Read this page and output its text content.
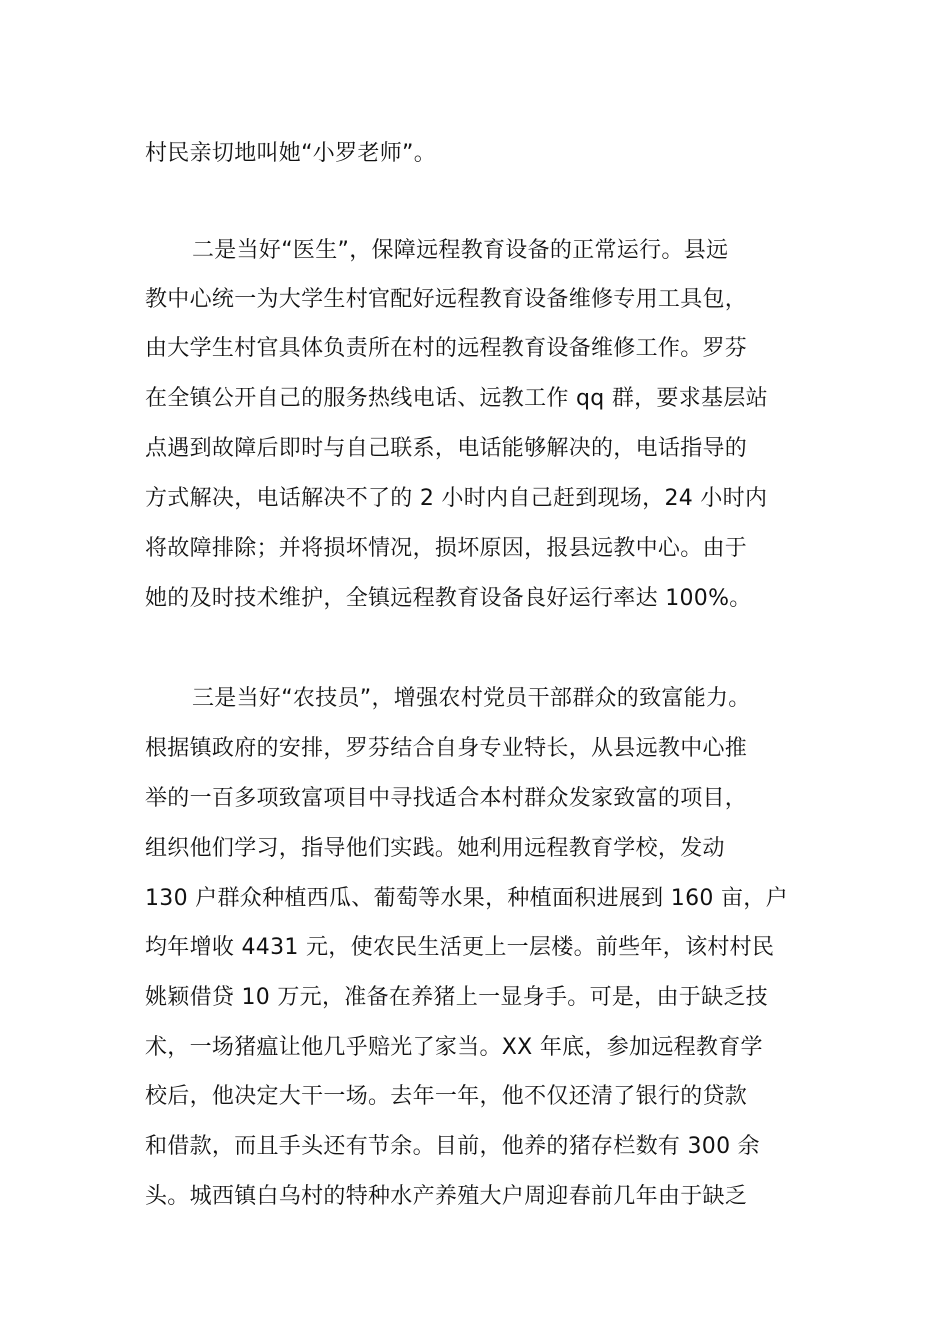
村民亲切地叫她“小罗老师”。
二是当好“医生”，保障远程教育设备的正常运行。县远
教中心统一为大学生村官配好远程教育设备维修专用工具包，
由大学生村官具体负责所在村的远程教育设备维修工作。罗芬
在全镇公开自己的服务热线电话、远教工作 qq 群，要求基层站
点遇到故障后即时与自己联系，电话能够解决的，电话指导的
方式解决，电话解决不了的 2 小时内自己赶到现场，24 小时内
将故障排除；并将损坏情况，损坏原因，报县远教中心。由于
她的及时技术维护，全镇远程教育设备良好运行率达 100%。
三是当好“农技员”，增强农村党员干部群众的致富能力。
根据镇政府的安排，罗芬结合自身专业特长，从县远教中心推
举的一百多项致富项目中寻找适合本村群众发家致富的项目，
组织他们学习，指导他们实践。她利用远程教育学校，发动
130 户群众种植西瓜、葡萄等水果，种植面积进展到 160 亩，户
均年增收 4431 元，使农民生活更上一层楼。前些年，该村村民
姚颖借贷 10 万元，准备在养猪上一显身手。可是，由于缺乏技
术，一场猪瘟让他几乎赔光了家当。XX 年底，参加远程教育学
校后，他决定大干一场。去年一年，他不仅还清了银行的贷款
和借款，而且手头还有节余。目前，他养的猪存栏数有 300 余
头。城西镇白乌村的特种水产养殖大户周迎春前几年由于缺乏
